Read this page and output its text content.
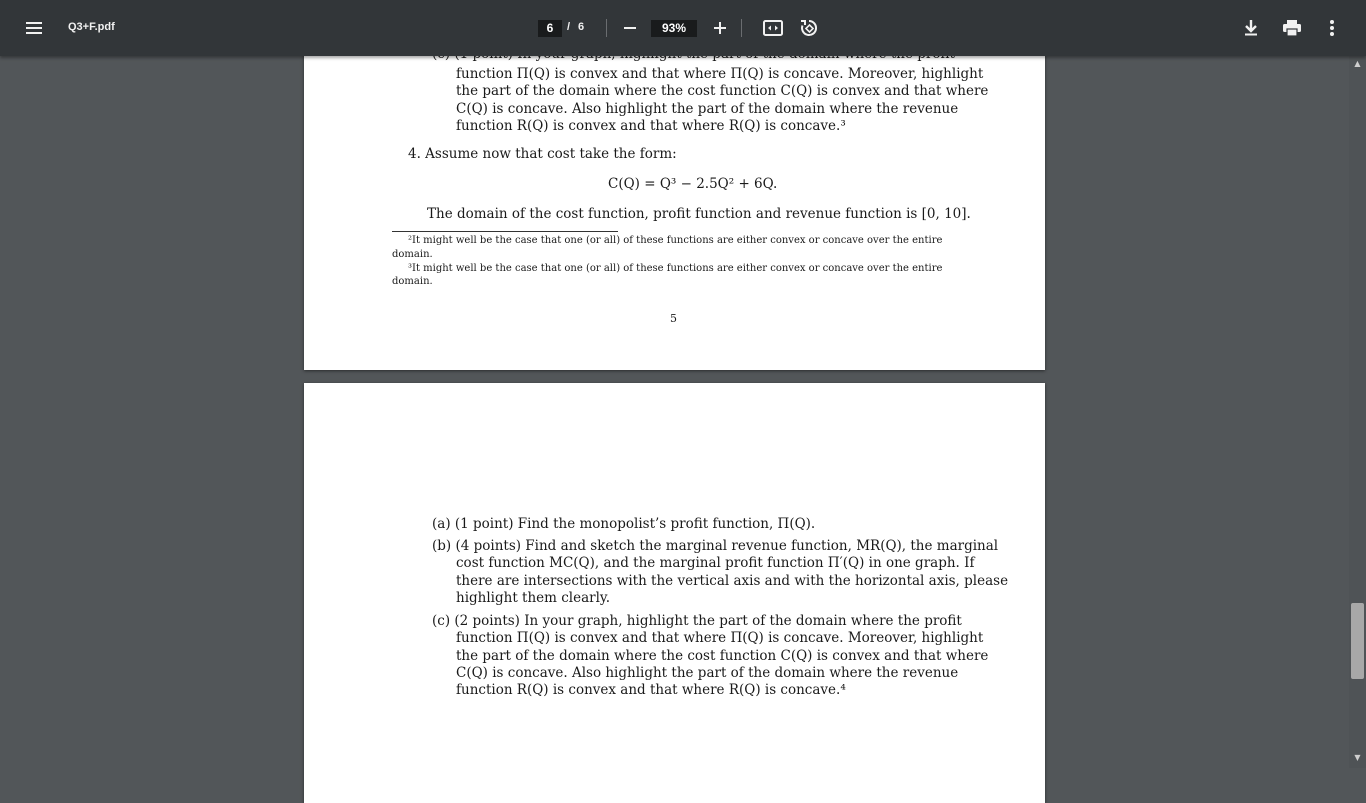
Q3+F.pdf	6	/ 6	93%
function Π(Q) is convex and that where Π(Q) is concave. Moreover, highlight
the part of the domain where the cost function C(Q) is convex and that where
C(Q) is concave. Also highlight the part of the domain where the revenue
function R(Q) is convex and that where R(Q) is concave.³
4. Assume now that cost take the form:
C(Q) = Q³ − 2.5Q² + 6Q.
The domain of the cost function, profit function and revenue function is [0, 10].
²It might well be the case that one (or all) of these functions are either convex or concave over the entire
domain.
³It might well be the case that one (or all) of these functions are either convex or concave over the entire
domain.
5
(a) (1 point) Find the monopolist’s profit function, Π(Q).
(b) (4 points) Find and sketch the marginal revenue function, MR(Q), the marginal
cost function MC(Q), and the marginal profit function Π′(Q) in one graph. If
there are intersections with the vertical axis and with the horizontal axis, please
highlight them clearly.
(c) (2 points) In your graph, highlight the part of the domain where the profit
function Π(Q) is convex and that where Π(Q) is concave. Moreover, highlight
the part of the domain where the cost function C(Q) is convex and that where
C(Q) is concave. Also highlight the part of the domain where the revenue
function R(Q) is convex and that where R(Q) is concave.⁴
▲
▼
